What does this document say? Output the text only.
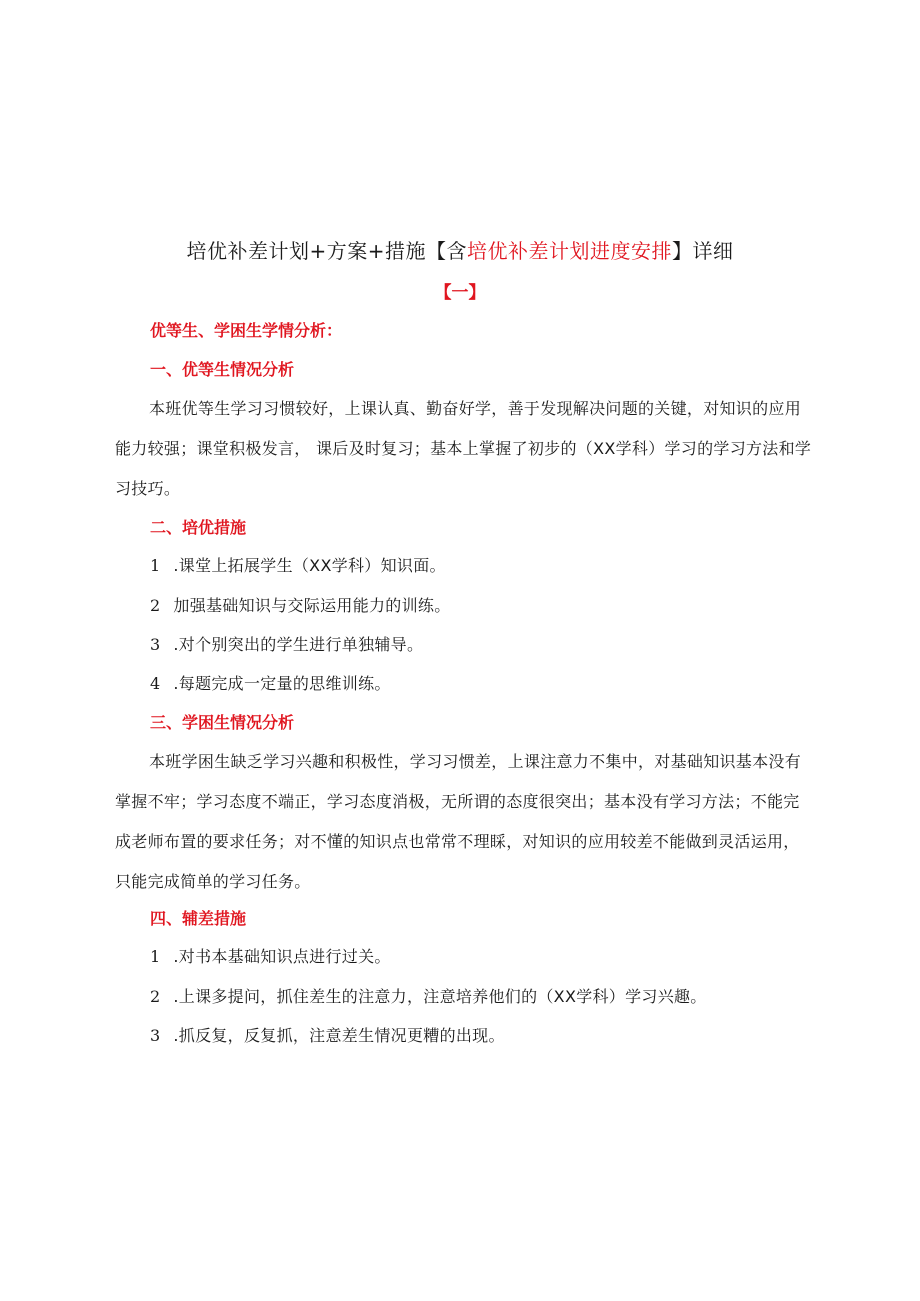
培优补差计划+方案+措施【含培优补差计划进度安排】详细
【一】
优等生、学困生学情分析：
一、优等生情况分析
本班优等生学习习惯较好，上课认真、勤奋好学，善于发现解决问题的关键，对知识的应用能力较强；课堂积极发言， 课后及时复习；基本上掌握了初步的（XX学科）学习的学习方法和学习技巧。
二、培优措施
1 .课堂上拓展学生（XX学科）知识面。
2 加强基础知识与交际运用能力的训练。
3 .对个别突出的学生进行单独辅导。
4 .每题完成一定量的思维训练。
三、学困生情况分析
本班学困生缺乏学习兴趣和积极性，学习习惯差，上课注意力不集中，对基础知识基本没有掌握不牢；学习态度不端正，学习态度消极，无所谓的态度很突出；基本没有学习方法；不能完成老师布置的要求任务；对不懂的知识点也常常不理睬，对知识的应用较差不能做到灵活运用，只能完成简单的学习任务。
四、辅差措施
1 .对书本基础知识点进行过关。
2 .上课多提问，抓住差生的注意力，注意培养他们的（XX学科）学习兴趣。
3 .抓反复，反复抓，注意差生情况更糟的出现。
